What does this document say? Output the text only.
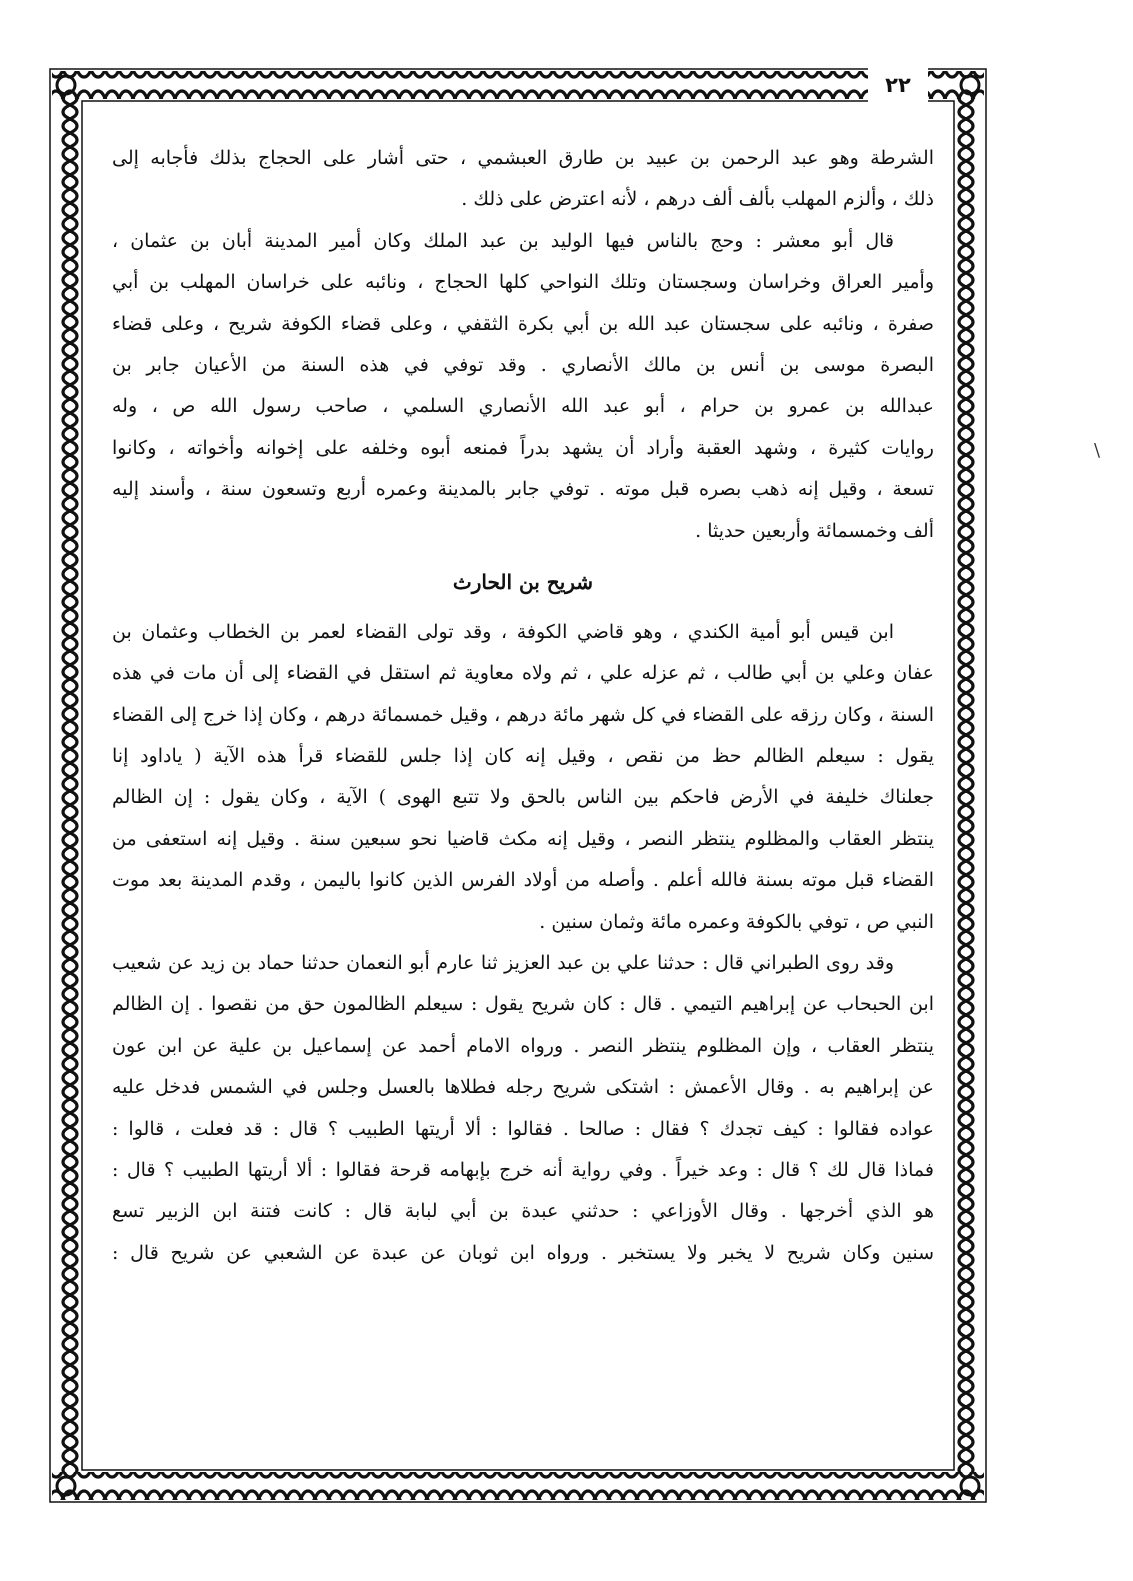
٢٢
\
الشرطة وهو عبد الرحمن بن عبيد بن طارق العبشمي ، حتى أشار على الحجاج بذلك فأجابه إلى
ذلك ، وألزم المهلب بألف ألف درهم ، لأنه اعترض على ذلك .
قال أبو معشر : وحج بالناس فيها الوليد بن عبد الملك وكان أمير المدينة أبان بن عثمان ،
وأمير العراق وخراسان وسجستان وتلك النواحي كلها الحجاج ، ونائبه على خراسان المهلب بن أبي
صفرة ، ونائبه على سجستان عبد الله بن أبي بكرة الثقفي ، وعلى قضاء الكوفة شريح ، وعلى قضاء
البصرة موسى بن أنس بن مالك الأنصاري . وقد توفي في هذه السنة من الأعيان جابر بن
عبدالله بن عمرو بن حرام ، أبو عبد الله الأنصاري السلمي ، صاحب رسول الله ص ، وله
روايات كثيرة ، وشهد العقبة وأراد أن يشهد بدراً فمنعه أبوه وخلفه على إخوانه وأخواته ، وكانوا
تسعة ، وقيل إنه ذهب بصره قبل موته . توفي جابر بالمدينة وعمره أربع وتسعون سنة ، وأسند إليه
ألف وخمسمائة وأربعين حديثا .
شريح بن الحارث
ابن قيس أبو أمية الكندي ، وهو قاضي الكوفة ، وقد تولى القضاء لعمر بن الخطاب وعثمان بن
عفان وعلي بن أبي طالب ، ثم عزله علي ، ثم ولاه معاوية ثم استقل في القضاء إلى أن مات في هذه
السنة ، وكان رزقه على القضاء في كل شهر مائة درهم ، وقيل خمسمائة درهم ، وكان إذا خرج إلى القضاء
يقول : سيعلم الظالم حظ من نقص ، وقيل إنه كان إذا جلس للقضاء قرأ هذه الآية ( ياداود إنا
جعلناك خليفة في الأرض فاحكم بين الناس بالحق ولا تتبع الهوى ) الآية ، وكان يقول : إن الظالم
ينتظر العقاب والمظلوم ينتظر النصر ، وقيل إنه مكث قاضيا نحو سبعين سنة . وقيل إنه استعفى من
القضاء قبل موته بسنة فالله أعلم . وأصله من أولاد الفرس الذين كانوا باليمن ، وقدم المدينة بعد موت
النبي ص ، توفي بالكوفة وعمره مائة وثمان سنين .
وقد روى الطبراني قال : حدثنا علي بن عبد العزيز ثنا عارم أبو النعمان حدثنا حماد بن زيد عن شعيب
ابن الحبحاب عن إبراهيم التيمي . قال : كان شريح يقول : سيعلم الظالمون حق من نقصوا . إن الظالم
ينتظر العقاب ، وإن المظلوم ينتظر النصر . ورواه الامام أحمد عن إسماعيل بن علية عن ابن عون
عن إبراهيم به . وقال الأعمش : اشتكى شريح رجله فطلاها بالعسل وجلس في الشمس فدخل عليه
عواده فقالوا : كيف تجدك ؟ فقال : صالحا . فقالوا : ألا أريتها الطبيب ؟ قال : قد فعلت ، قالوا :
فماذا قال لك ؟ قال : وعد خيراً . وفي رواية أنه خرج بإبهامه قرحة فقالوا : ألا أريتها الطبيب ؟ قال :
هو الذي أخرجها . وقال الأوزاعي : حدثني عبدة بن أبي لبابة قال : كانت فتنة ابن الزبير تسع
سنين وكان شريح لا يخبر ولا يستخبر . ورواه ابن ثوبان عن عبدة عن الشعبي عن شريح قال :
